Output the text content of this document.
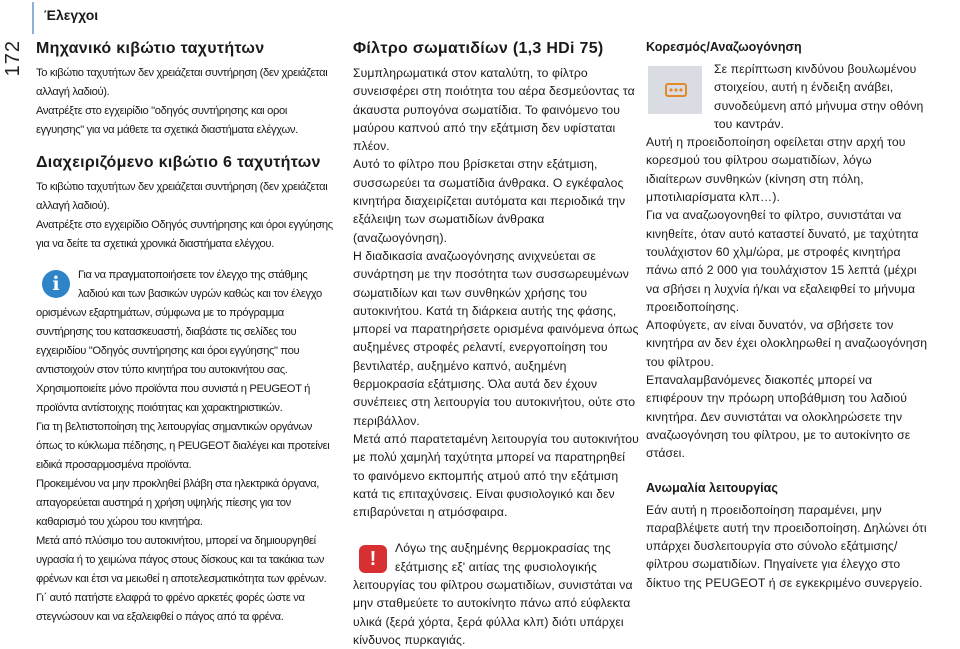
172
Έλεγχοι
Μηχανικό κιβώτιο ταχυτήτων

Το κιβώτιο ταχυτήτων δεν χρειάζεται συντήρηση (δεν χρειάζεται αλλαγή λαδιού).

Ανατρέξτε στο εγχειρίδιο "οδηγός συντήρησης και οροι εγγυησης" για να μάθετε τα σχετικά διαστήματα ελέγχων.

Διαχειριζόμενο κιβώτιο 6 ταχυτήτων

Το κιβώτιο ταχυτήτων δεν χρειάζεται συντήρηση (δεν χρειάζεται αλλαγή λαδιού).

Ανατρέξτε στο εγχειρίδιο Οδηγός συντήρησης και όροι εγγύησης για να δείτε τα σχετικά χρονικά διαστήματα ελέγχου.

i	Για να πραγματοποιήσετε τον έλεγχο της στάθμης λαδιού και των βασικών υγρών καθώς και τον έλεγχο ορισμένων εξαρτημάτων, σύμφωνα με το πρόγραμμα συντήρησης του κατασκευαστή, διαβάστε τις σελίδες του εγχειριδίου "Οδηγός συντήρησης και όροι εγγύησης" που αντιστοιχούν στον τύπο κινητήρα του αυτοκινήτου σας.

Χρησιμοποιείτε μόνο προϊόντα που συνιστά η PEUGEOT ή προϊόντα αντίστοιχης ποιότητας και χαρακτηριστικών.

Για τη βελτιστοποίηση της λειτουργίας σημαντικών οργάνων όπως το κύκλωμα πέδησης, η PEUGEOT διαλέγει και προτείνει ειδικά προσαρμοσμένα προϊόντα.

Προκειμένου να μην προκληθεί βλάβη στα ηλεκτρικά όργανα, απαγορεύεται αυστηρά η χρήση υψηλής πίεσης για τον καθαρισμό του χώρου του κινητήρα.

Μετά από πλύσιμο του αυτοκινήτου, μπορεί να δημιουργηθεί υγρασία ή το χειμώνα πάγος στους δίσκους και τα τακάκια των φρένων και έτσι να μειωθεί η αποτελεσματικότητα των φρένων. Γι΄ αυτό πατήστε ελαφρά το φρένο αρκετές φορές ώστε να στεγνώσουν και να εξαλειφθεί ο πάγος από τα φρένα.

Φίλτρο σωματιδίων (1,3 HDi 75)

Συμπληρωματικά στον καταλύτη, το φίλτρο συνεισφέρει στη ποιότητα του αέρα δεσμεύοντας τα άκαυστα ρυπογόνα σωματίδια. Το φαινόμενο του μαύρου καπνού από την εξάτμιση δεν υφίσταται πλέον.

Αυτό το φίλτρο που βρίσκεται στην εξάτμιση, συσσωρεύει τα σωματίδια άνθρακα. Ο εγκέφαλος κινητήρα διαχειρίζεται αυτόματα και περιοδικά την εξάλειψη των σωματιδίων άνθρακα (αναζωογόνηση).

Η διαδικασία αναζωογόνησης ανιχνεύεται σε συνάρτηση με την ποσότητα των συσσωρευμένων σωματιδίων και των συνθηκών χρήσης του αυτοκινήτου. Κατά τη διάρκεια αυτής της φάσης, μπορεί να παρατηρήσετε ορισμένα φαινόμενα όπως αυξημένες στροφές ρελαντί, ενεργοποίηση του βεντιλατέρ, αυξημένο καπνό, αυξημένη θερμοκρασία εξάτμισης. Όλα αυτά δεν έχουν συνέπειες στη λειτουργία του αυτοκινήτου, ούτε στο περιβάλλον.

Μετά από παρατεταμένη λειτουργία του αυτοκινήτου με πολύ χαμηλή ταχύτητα μπορεί να παρατηρηθεί το φαινόμενο εκπομπής ατμού από την εξάτμιση κατά τις επιταχύνσεις. Είναι φυσιολογικό και δεν επιβαρύνεται η ατμόσφαιρα.

!	Λόγω της αυξημένης θερμοκρασίας της εξάτμισης εξ' αιτίας της φυσιολογικής λειτουργίας του φίλτρου σωματιδίων, συνιστάται να μην σταθμεύετε το αυτοκίνητο πάνω από εύφλεκτα υλικά (ξερά χόρτα, ξερά φύλλα κλπ) διότι υπάρχει κίνδυνος πυρκαγιάς.

Κορεσμός/Αναζωογόνηση

Σε περίπτωση κινδύνου βουλωμένου στοιχείου, αυτή η ένδειξη ανάβει, συνοδεύμενη από μήνυμα στην οθόνη του καντράν.

Αυτή η προειδοποίηση οφείλεται στην αρχή του κορεσμού του φίλτρου σωματιδίων, λόγω ιδιαίτερων συνθηκών (κίνηση στη πόλη, μποτιλιαρίσματα κλπ…).

Για να αναζωογονηθεί το φίλτρο, συνιστάται να κινηθείτε, όταν αυτό καταστεί δυνατό, με ταχύτητα τουλάχιστον 60 χλμ/ώρα, με στροφές κινητήρα πάνω από 2 000 για τουλάχιστον 15 λεπτά (μέχρι να σβήσει η λυχνία ή/και να εξαλειφθεί το μήνυμα προειδοποίησης.

Αποφύγετε, αν είναι δυνατόν, να σβήσετε τον κινητήρα αν δεν έχει ολοκληρωθεί η αναζωογόνηση του φίλτρου.

Επαναλαμβανόμενες διακοπές μπορεί να επιφέρουν την πρόωρη υποβάθμιση του λαδιού κινητήρα. Δεν συνιστάται να ολοκληρώσετε την αναζωογόνηση του φίλτρου, με το αυτοκίνητο σε στάσει.

Ανωμαλία λειτουργίας

Εάν αυτή η προειδοποίηση παραμένει, μην παραβλέψετε αυτή την προειδοποίηση. Δηλώνει ότι υπάρχει δυσλειτουργία στο σύνολο εξάτμισης/φίλτρου σωματιδίων. Πηγαίνετε για έλεγχο στο δίκτυο της PEUGEOT ή σε εγκεκριμένο συνεργείο.
